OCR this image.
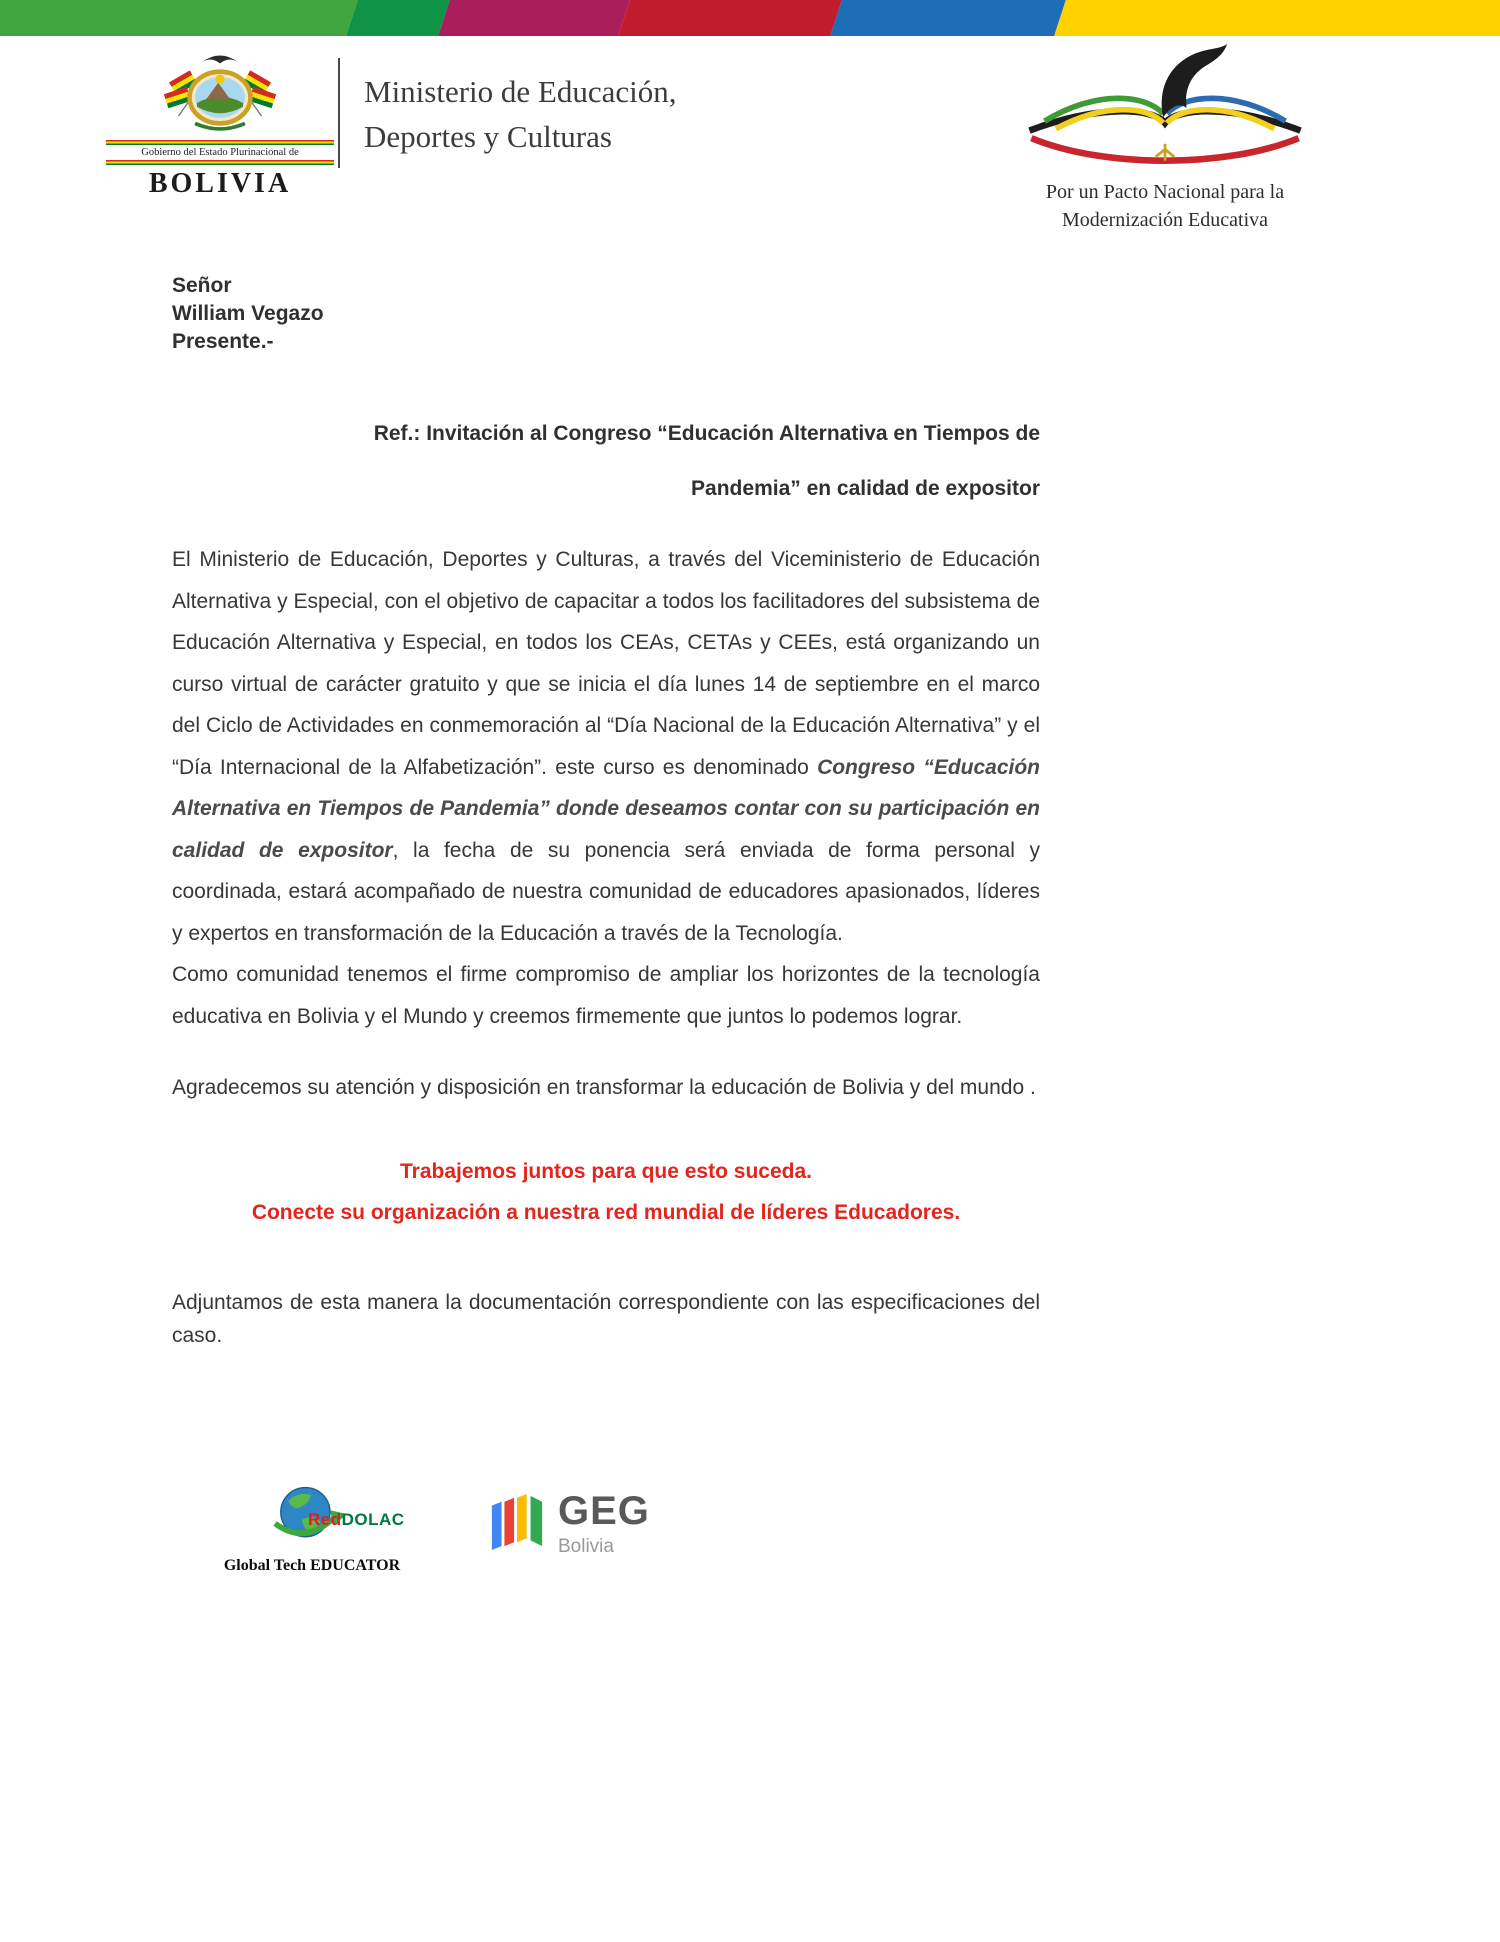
Gobierno del Estado Plurinacional de
BOLIVIA
Ministerio de Educación,
Deportes y Culturas
Por un Pacto Nacional para la
Modernización Educativa
Señor
William Vegazo
Presente.-
Ref.: Invitación al Congreso “Educación Alternativa en Tiempos de
Pandemia” en calidad de expositor

El Ministerio de Educación, Deportes y Culturas, a través del Viceministerio de Educación Alternativa y Especial, con el objetivo de capacitar a todos los facilitadores del subsistema de Educación Alternativa y Especial, en todos los CEAs, CETAs y CEEs, está organizando un curso virtual de carácter gratuito y que se inicia el día lunes 14 de septiembre en el marco del Ciclo de Actividades en conmemoración al “Día Nacional de la Educación Alternativa” y el “Día Internacional de la Alfabetización”. este curso es denominado Congreso “Educación Alternativa en Tiempos de Pandemia” donde deseamos contar con su participación en calidad de expositor, la fecha de su ponencia será enviada de forma personal y coordinada, estará acompañado de nuestra comunidad de educadores apasionados, líderes y expertos en transformación de la Educación a través de la Tecnología.

Como comunidad tenemos el firme compromiso de ampliar los horizontes de la tecnología educativa en Bolivia y el Mundo y creemos firmemente que juntos lo podemos lograr.

Agradecemos su atención y disposición en transformar la educación de Bolivia y del mundo .

Trabajemos juntos para que esto suceda.
Conecte su organización a nuestra red mundial de líderes Educadores.

Adjuntamos de esta manera la documentación correspondiente con las especificaciones del caso.

RedDOLAC
Global Tech EDUCATOR
GEG
Bolivia
